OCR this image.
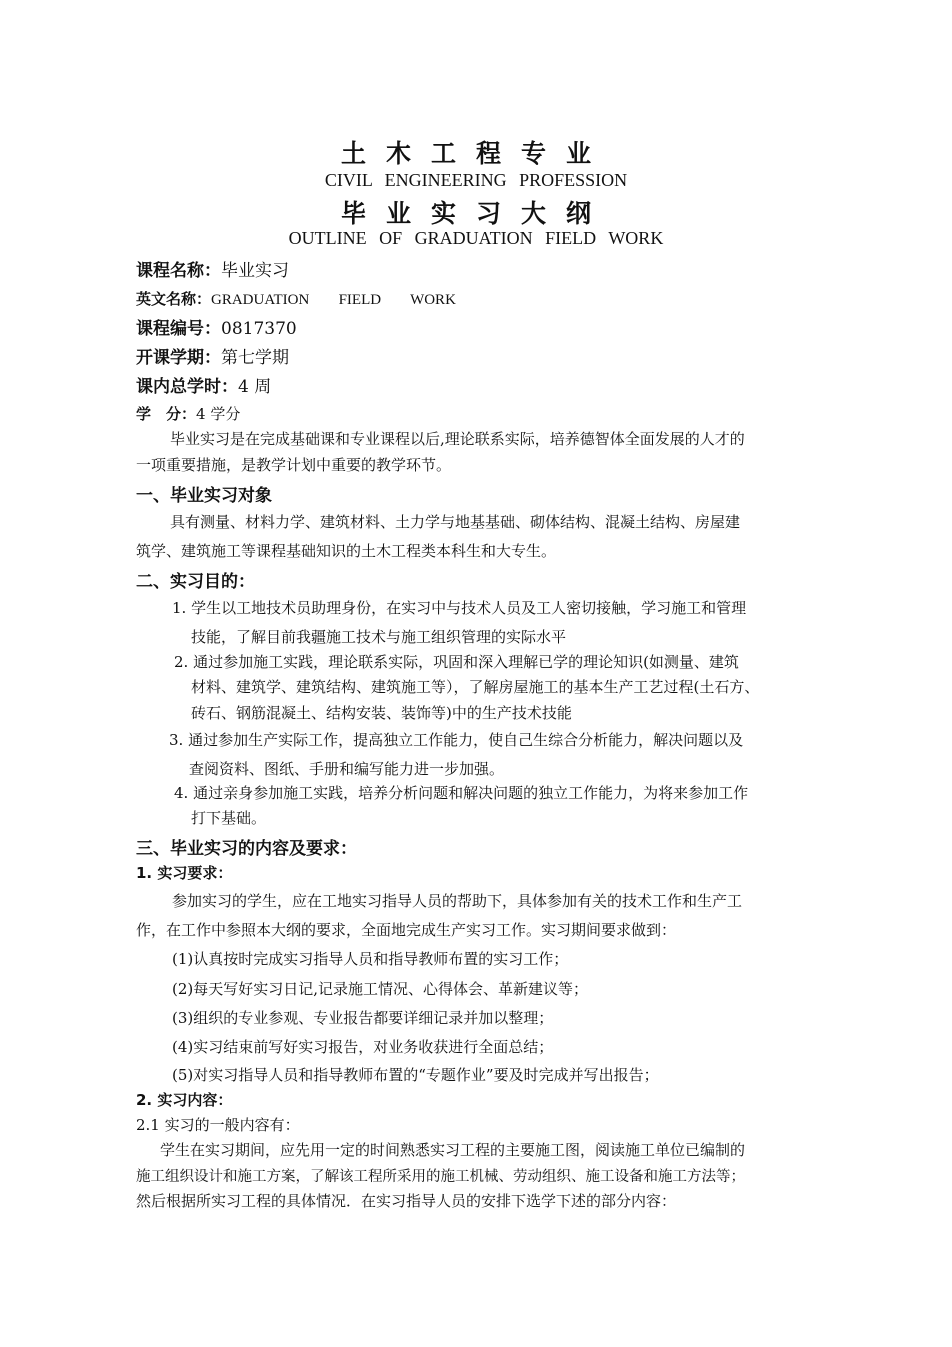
土木工程专业
CIVIL ENGINEERING PROFESSION
毕业实习大纲
OUTLINE OF GRADUATION FIELD WORK
课程名称：毕业实习
英文名称：GRADUATION   FIELD   WORK
课程编号：0817370
开课学期：第七学期
课内总学时：4 周
学　分：4 学分
毕业实习是在完成基础课和专业课程以后,理论联系实际，培养德智体全面发展的人才的
一项重要措施，是教学计划中重要的教学环节。
一、毕业实习对象
具有测量、材料力学、建筑材料、土力学与地基基础、砌体结构、混凝土结构、房屋建
筑学、建筑施工等课程基础知识的土木工程类本科生和大专生。
二、实习目的：
1. 学生以工地技术员助理身份，在实习中与技术人员及工人密切接触，学习施工和管理
技能，了解目前我疆施工技术与施工组织管理的实际水平
2. 通过参加施工实践，理论联系实际，巩固和深入理解已学的理论知识(如测量、建筑
材料、建筑学、建筑结构、建筑施工等），了解房屋施工的基本生产工艺过程(土石方、
砖石、钢筋混凝土、结构安装、装饰等)中的生产技术技能
3. 通过参加生产实际工作，提高独立工作能力，使自己生综合分析能力，解决问题以及
查阅资料、图纸、手册和编写能力进一步加强。
4. 通过亲身参加施工实践，培养分析问题和解决问题的独立工作能力，为将来参加工作
打下基础。
三、毕业实习的内容及要求：
1. 实习要求：
参加实习的学生，应在工地实习指导人员的帮助下，具体参加有关的技术工作和生产工
作，在工作中参照本大纲的要求，全面地完成生产实习工作。实习期间要求做到：
(1)认真按时完成实习指导人员和指导教师布置的实习工作；
(2)每天写好实习日记,记录施工情况、心得体会、革新建议等；
(3)组织的专业参观、专业报告都要详细记录并加以整理；
(4)实习结束前写好实习报告，对业务收获进行全面总结；
(5)对实习指导人员和指导教师布置的“专题作业”要及时完成并写出报告；
2. 实习内容：
2.1 实习的一般内容有：
学生在实习期间，应先用一定的时间熟悉实习工程的主要施工图，阅读施工单位已编制的
施工组织设计和施工方案，了解该工程所采用的施工机械、劳动组织、施工设备和施工方法等；
然后根据所实习工程的具体情况．在实习指导人员的安排下选学下述的部分内容：
